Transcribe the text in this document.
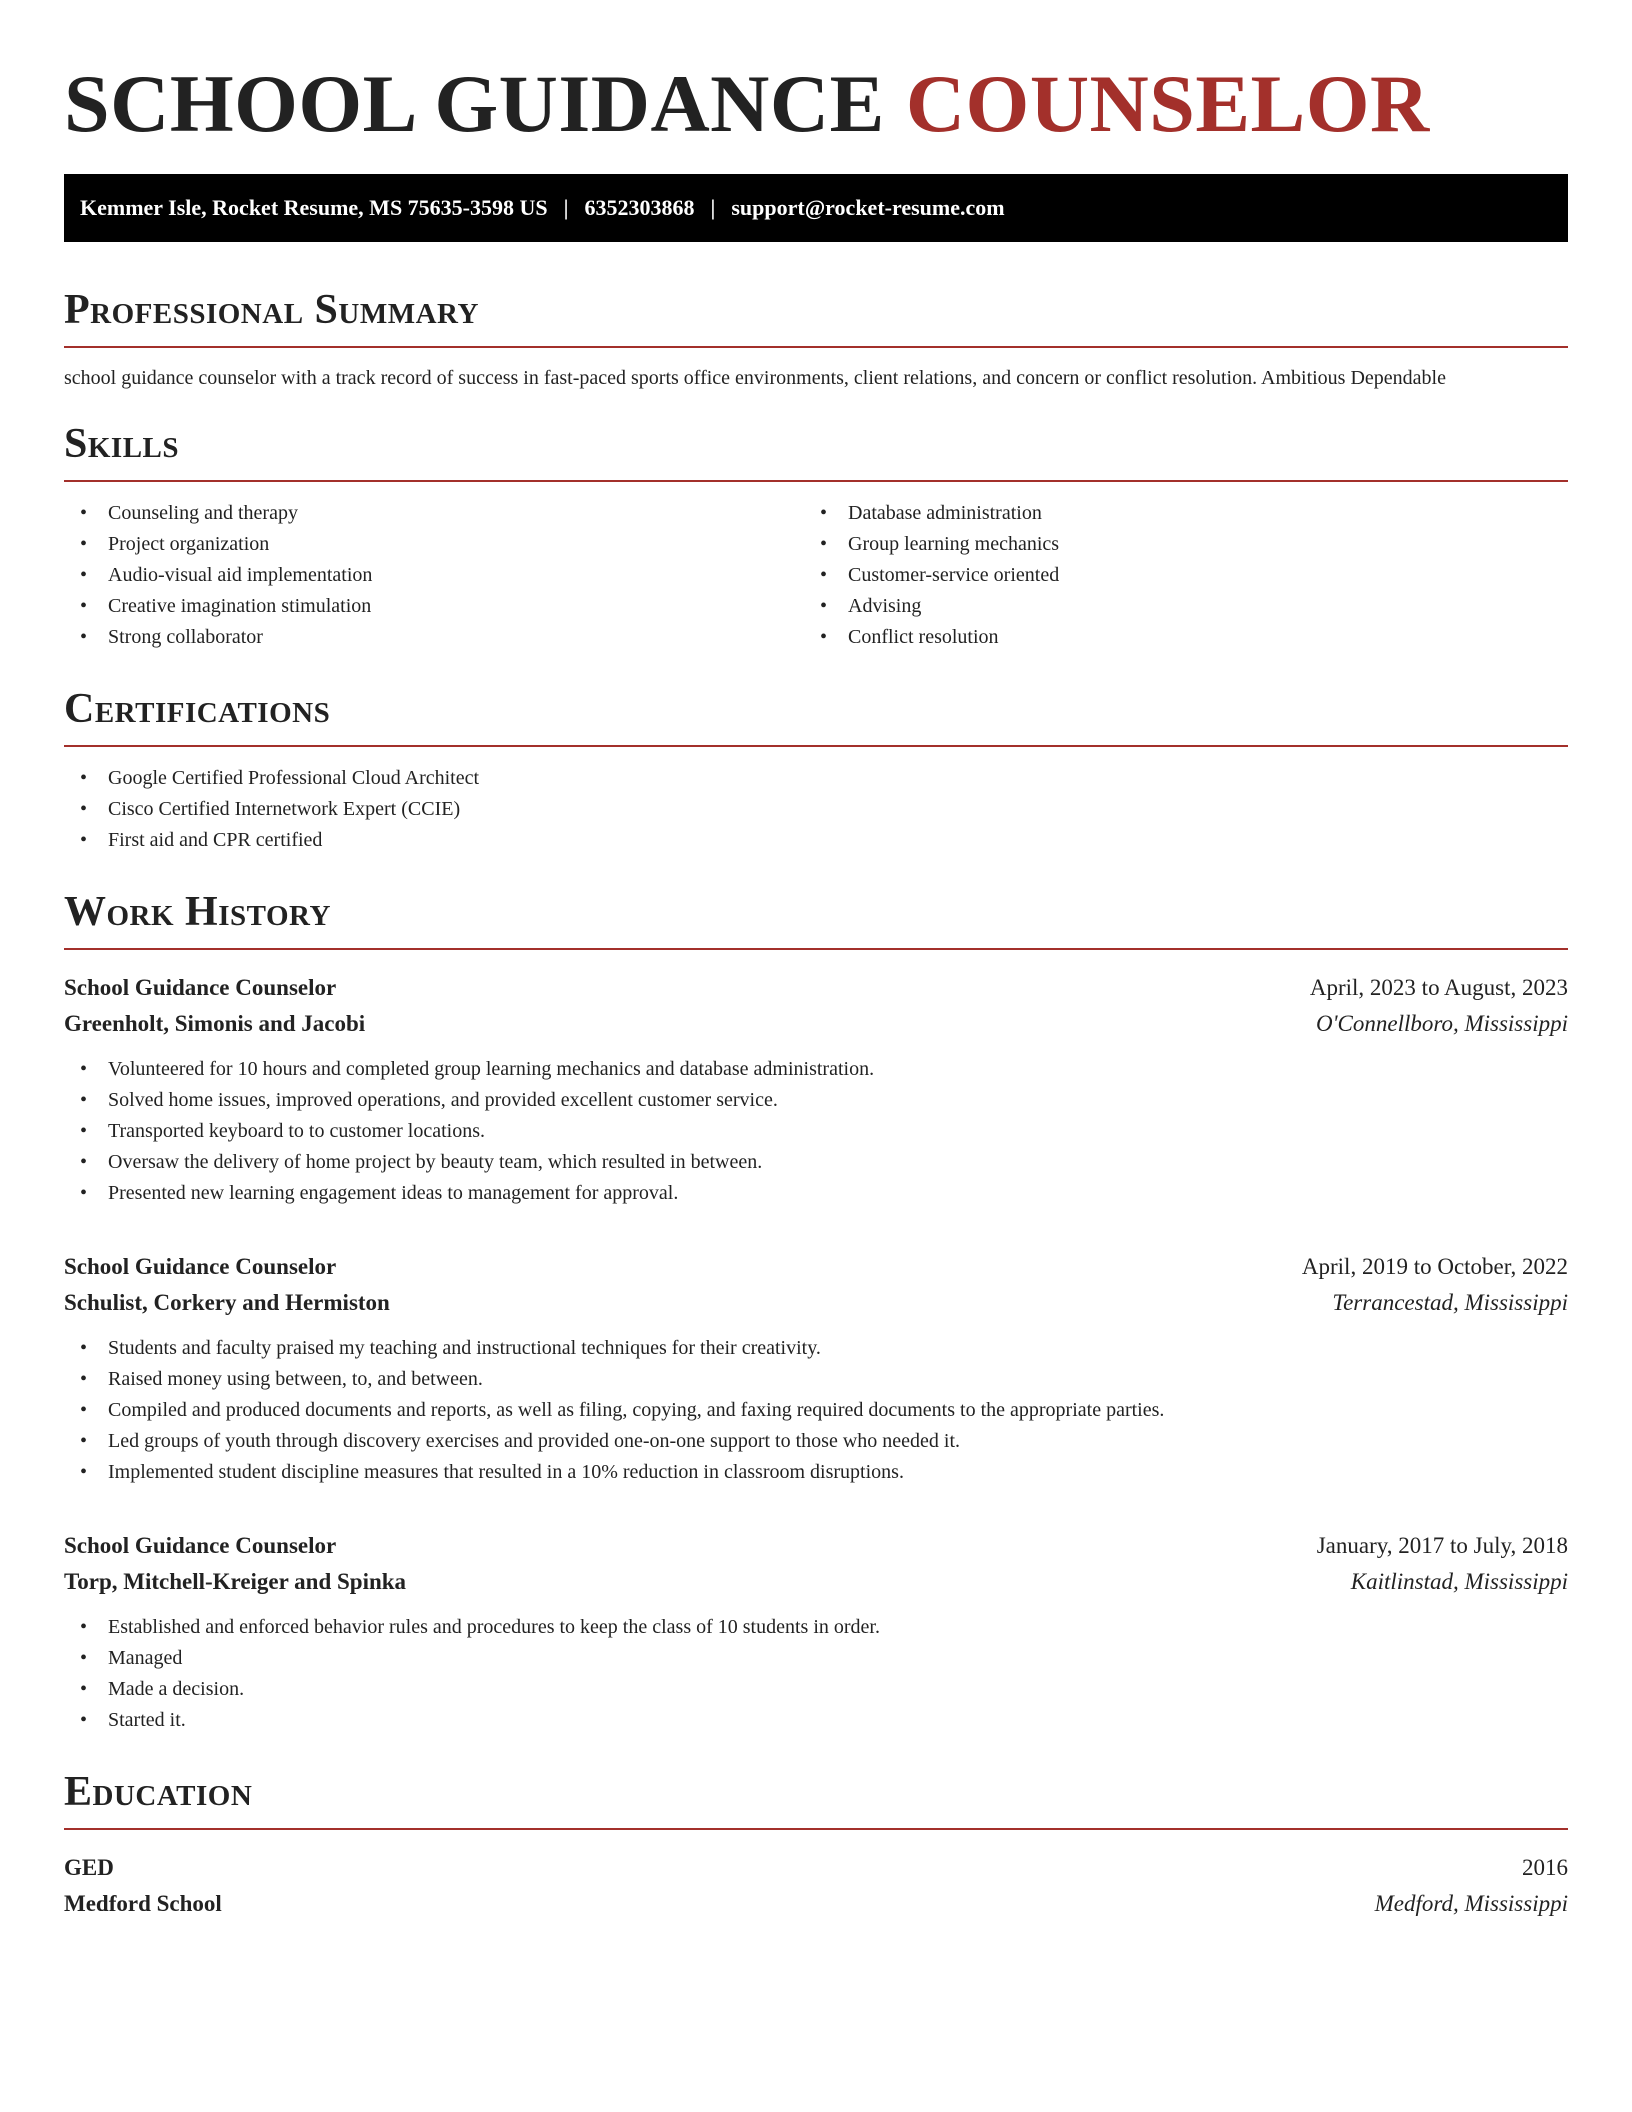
SCHOOL GUIDANCE COUNSELOR
Kemmer Isle, Rocket Resume, MS 75635-3598 US | 6352303868 | support@rocket-resume.com
Professional Summary

school guidance counselor with a track record of success in fast-paced sports office environments, client relations, and concern or conflict resolution. Ambitious Dependable

Skills
• Counseling and therapy
• Project organization
• Audio-visual aid implementation
• Creative imagination stimulation
• Strong collaborator
• Database administration
• Group learning mechanics
• Customer-service oriented
• Advising
• Conflict resolution
Certifications
• Google Certified Professional Cloud Architect
• Cisco Certified Internetwork Expert (CCIE)
• First aid and CPR certified
Work History
School Guidance Counselor	April, 2023 to August, 2023
Greenholt, Simonis and Jacobi	O'Connellboro, Mississippi
• Volunteered for 10 hours and completed group learning mechanics and database administration.
• Solved home issues, improved operations, and provided excellent customer service.
• Transported keyboard to to customer locations.
• Oversaw the delivery of home project by beauty team, which resulted in between.
• Presented new learning engagement ideas to management for approval.
School Guidance Counselor	April, 2019 to October, 2022
Schulist, Corkery and Hermiston	Terrancestad, Mississippi
• Students and faculty praised my teaching and instructional techniques for their creativity.
• Raised money using between, to, and between.
• Compiled and produced documents and reports, as well as filing, copying, and faxing required documents to the appropriate parties.
• Led groups of youth through discovery exercises and provided one-on-one support to those who needed it.
• Implemented student discipline measures that resulted in a 10% reduction in classroom disruptions.
School Guidance Counselor	January, 2017 to July, 2018
Torp, Mitchell-Kreiger and Spinka	Kaitlinstad, Mississippi
• Established and enforced behavior rules and procedures to keep the class of 10 students in order.
• Managed
• Made a decision.
• Started it.
Education
GED	2016
Medford School	Medford, Mississippi
